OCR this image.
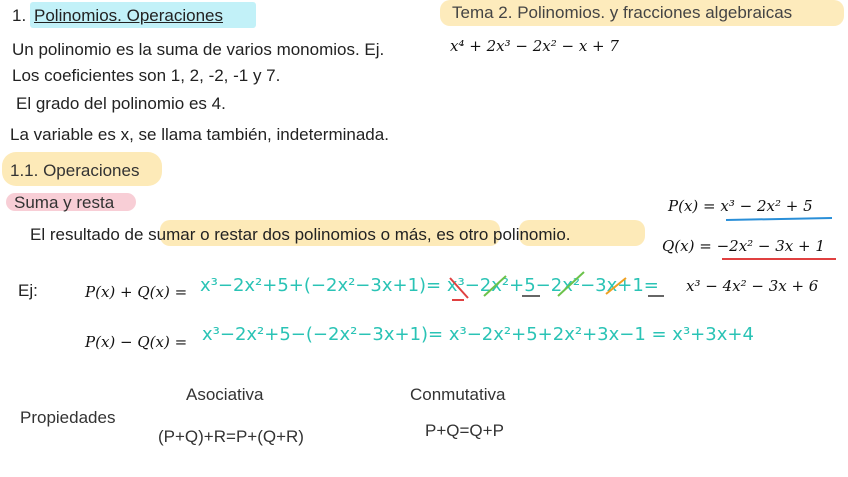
1. Polinomios. Operaciones	Tema 2. Polinomios. y fracciones algebraicas
Un polinomio es la suma de varios monomios. Ej.	x⁴ + 2x³ − 2x² − x + 7
Los coeficientes son 1, 2, -2, -1 y 7.
El grado del polinomio es 4.
La variable es x, se llama también, indeterminada.
1.1. Operaciones
Suma y resta
El resultado de sumar o restar dos polinomios o más, es otro polinomio.
P(x) = x³ − 2x² + 5
Q(x) = −2x² − 3x + 1
Ej:	P(x) + Q(x) = x³−2x²+5+(−2x²−3x+1)= x³−2x²+5−2x²−3x+1= x³ − 4x² − 3x + 6
P(x) − Q(x) = x³−2x²+5−(−2x²−3x+1)= x³−2x²+5+2x²+3x−1 = x³+3x+4
Propiedades
Asociativa
(P+Q)+R=P+(Q+R)
Conmutativa
P+Q=Q+P
